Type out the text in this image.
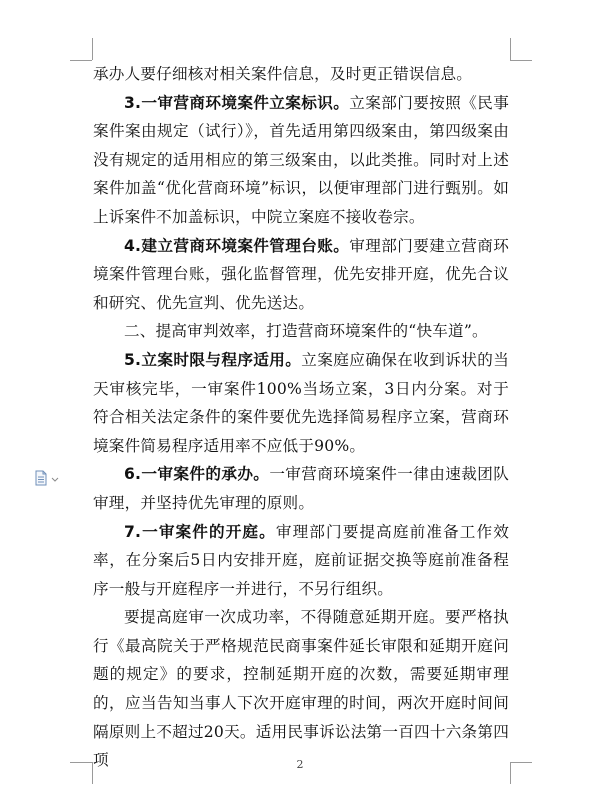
承办人要仔细核对相关案件信息，及时更正错误信息。

3.一审营商环境案件立案标识。立案部门要按照《民事案件案由规定（试行）》，首先适用第四级案由，第四级案由没有规定的适用相应的第三级案由，以此类推。同时对上述案件加盖“优化营商环境”标识，以便审理部门进行甄别。如上诉案件不加盖标识，中院立案庭不接收卷宗。

4.建立营商环境案件管理台账。审理部门要建立营商环境案件管理台账，强化监督管理，优先安排开庭，优先合议和研究、优先宣判、优先送达。

二、提高审判效率，打造营商环境案件的“快车道”。

5.立案时限与程序适用。立案庭应确保在收到诉状的当天审核完毕，一审案件100%当场立案，3日内分案。对于符合相关法定条件的案件要优先选择简易程序立案，营商环境案件简易程序适用率不应低于90%。

6.一审案件的承办。一审营商环境案件一律由速裁团队审理，并坚持优先审理的原则。

7.一审案件的开庭。审理部门要提高庭前准备工作效率，在分案后5日内安排开庭，庭前证据交换等庭前准备程序一般与开庭程序一并进行，不另行组织。

要提高庭审一次成功率，不得随意延期开庭。要严格执行《最高院关于严格规范民商事案件延长审限和延期开庭问题的规定》的要求，控制延期开庭的次数，需要延期审理的，应当告知当事人下次开庭审理的时间，两次开庭时间间隔原则上不超过20天。适用民事诉讼法第一百四十六条第四项	2
